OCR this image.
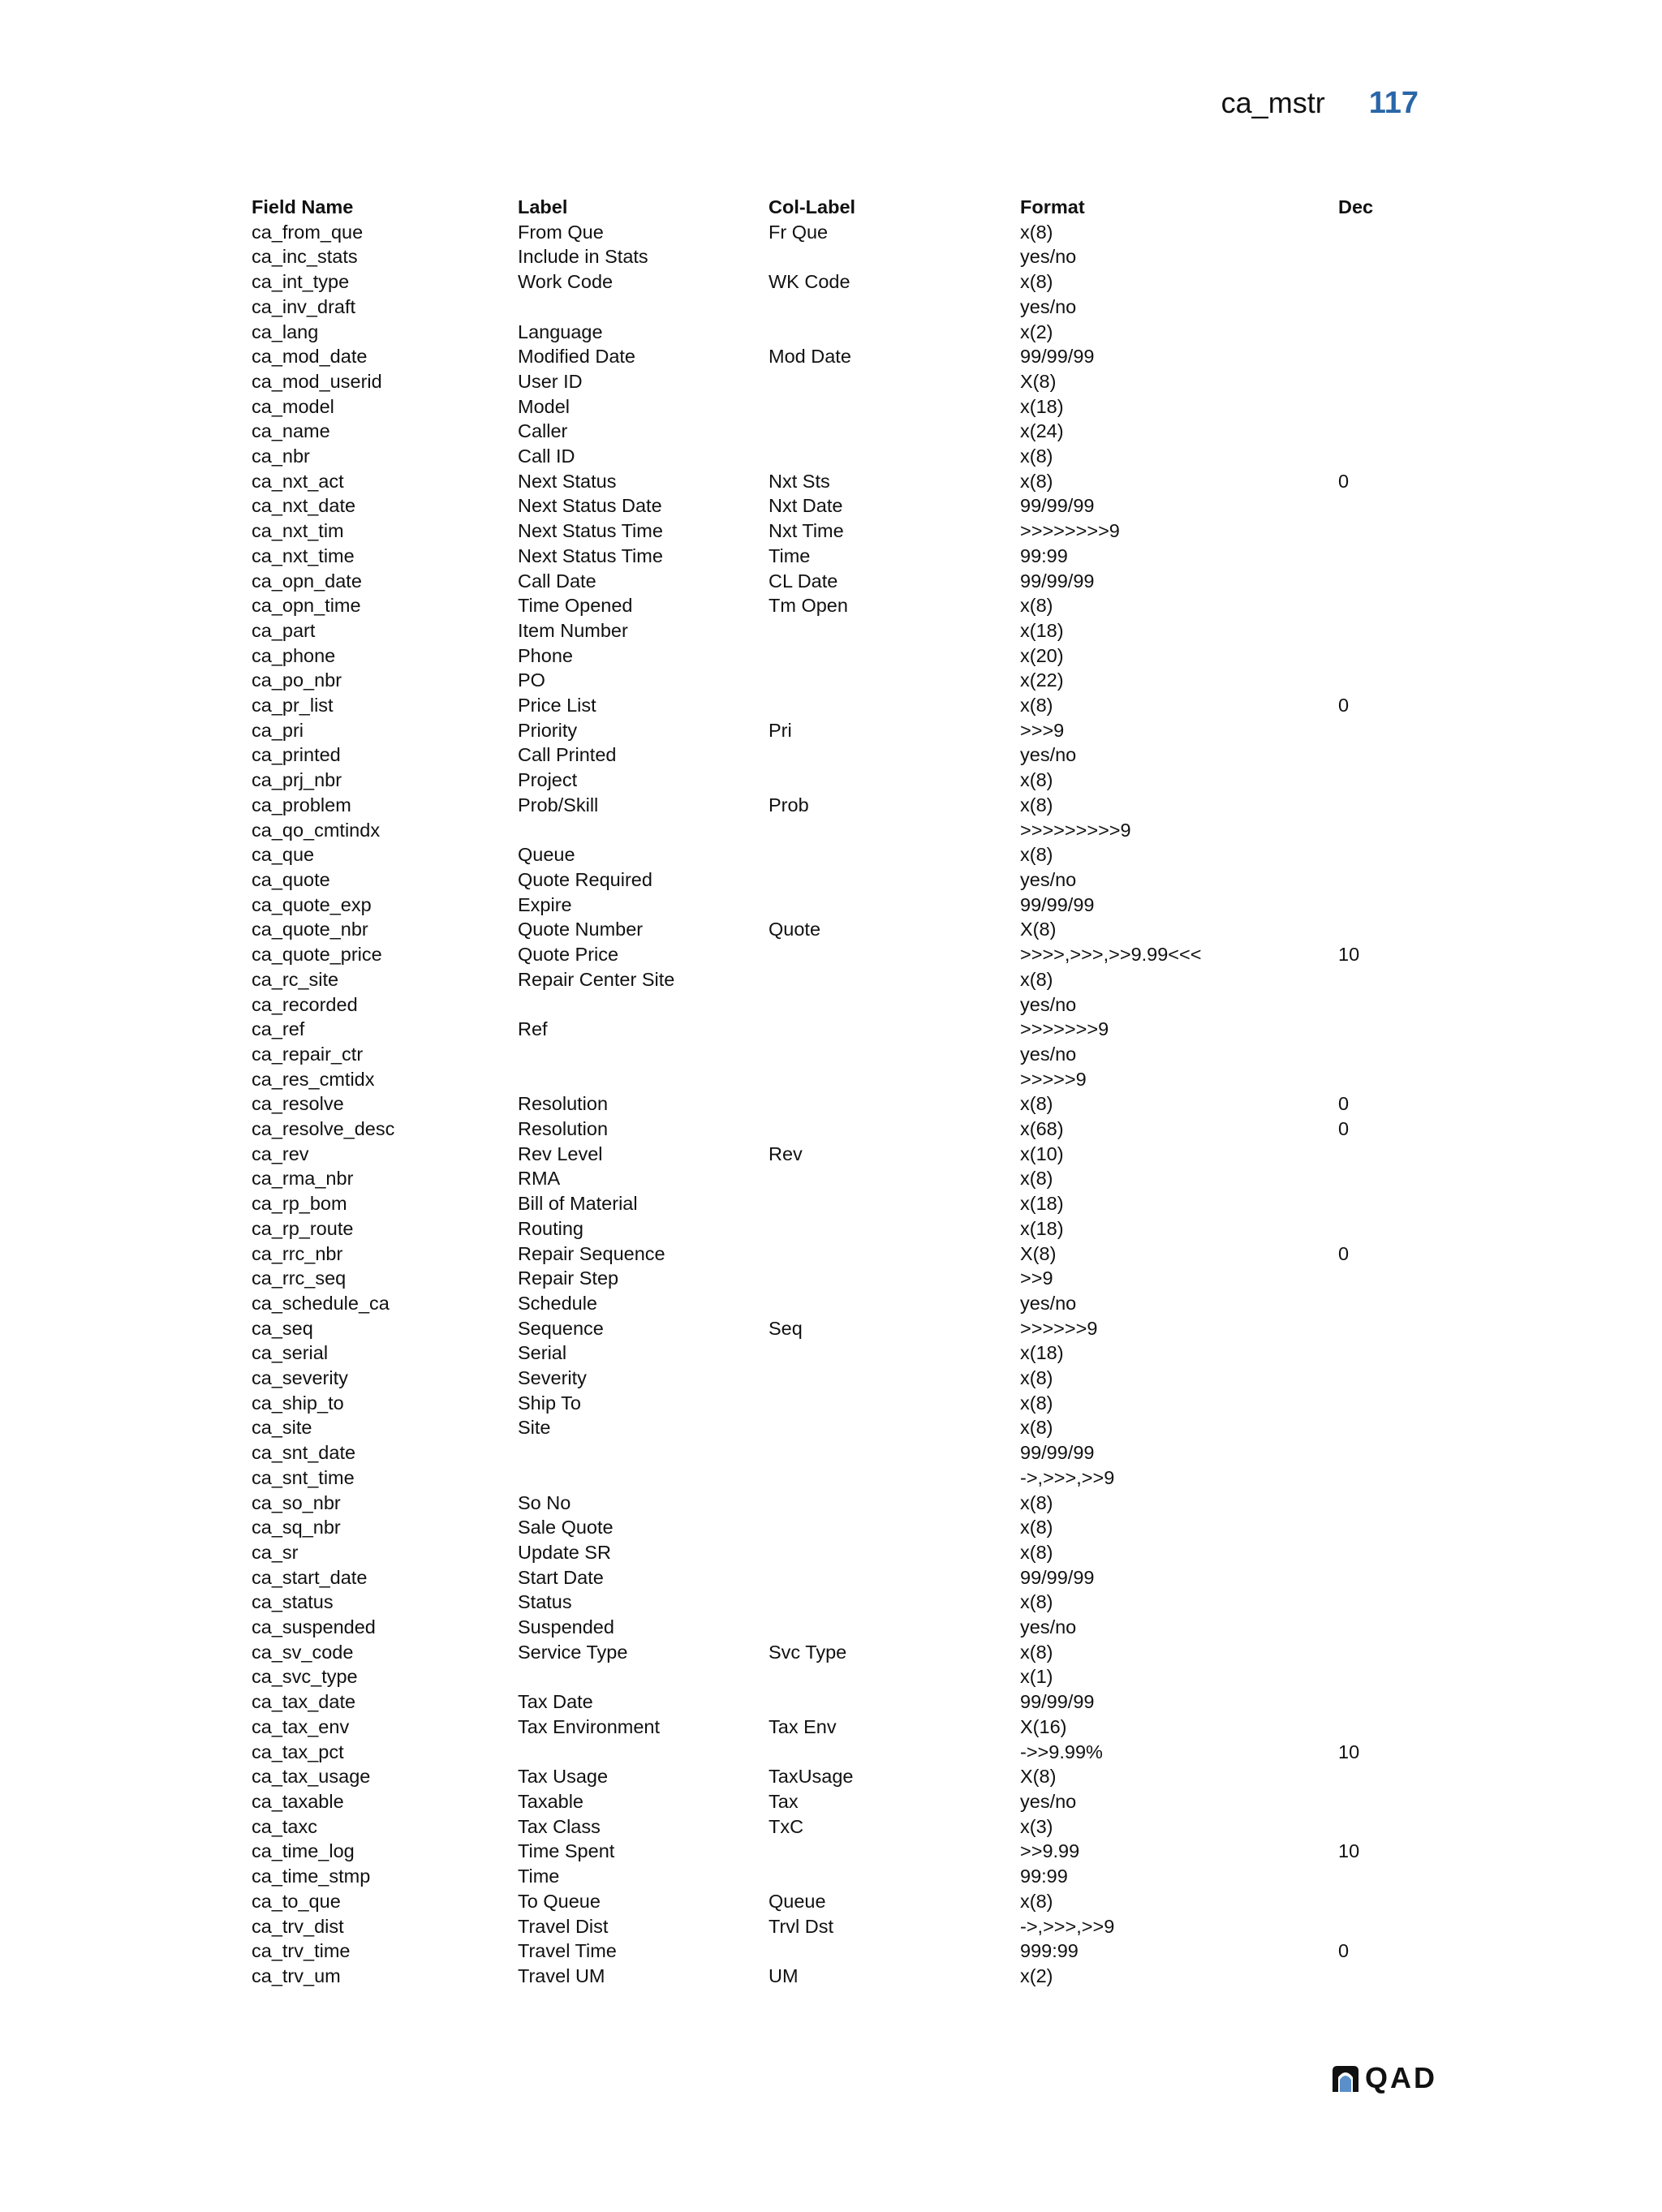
ca_mstr 117
Field Name	Label	Col-Label	Format	Dec
ca_from_que	From Que	Fr Que	x(8)	
ca_inc_stats	Include in Stats		yes/no	
ca_int_type	Work Code	WK Code	x(8)	
ca_inv_draft			yes/no	
ca_lang	Language		x(2)	
ca_mod_date	Modified Date	Mod Date	99/99/99	
ca_mod_userid	User ID		X(8)	
ca_model	Model		x(18)	
ca_name	Caller		x(24)	
ca_nbr	Call ID		x(8)	
ca_nxt_act	Next Status	Nxt Sts	x(8)	0
ca_nxt_date	Next Status Date	Nxt Date	99/99/99	
ca_nxt_tim	Next Status Time	Nxt Time	>>>>>>>>9	
ca_nxt_time	Next Status Time	Time	99:99	
ca_opn_date	Call Date	CL Date	99/99/99	
ca_opn_time	Time Opened	Tm Open	x(8)	
ca_part	Item Number		x(18)	
ca_phone	Phone		x(20)	
ca_po_nbr	PO		x(22)	
ca_pr_list	Price List		x(8)	0
ca_pri	Priority	Pri	>>>9	
ca_printed	Call Printed		yes/no	
ca_prj_nbr	Project		x(8)	
ca_problem	Prob/Skill	Prob	x(8)	
ca_qo_cmtindx			>>>>>>>>>9	
ca_que	Queue		x(8)	
ca_quote	Quote Required		yes/no	
ca_quote_exp	Expire		99/99/99	
ca_quote_nbr	Quote Number	Quote	X(8)	
ca_quote_price	Quote Price		>>>>,>>>,>>9.99<<<	10
ca_rc_site	Repair Center Site		x(8)	
ca_recorded			yes/no	
ca_ref	Ref		>>>>>>>9	
ca_repair_ctr			yes/no	
ca_res_cmtidx			>>>>>9	
ca_resolve	Resolution		x(8)	0
ca_resolve_desc	Resolution		x(68)	0
ca_rev	Rev Level	Rev	x(10)	
ca_rma_nbr	RMA		x(8)	
ca_rp_bom	Bill of Material		x(18)	
ca_rp_route	Routing		x(18)	
ca_rrc_nbr	Repair Sequence		X(8)	0
ca_rrc_seq	Repair Step		>>9	
ca_schedule_ca	Schedule		yes/no	
ca_seq	Sequence	Seq	>>>>>>9	
ca_serial	Serial		x(18)	
ca_severity	Severity		x(8)	
ca_ship_to	Ship To		x(8)	
ca_site	Site		x(8)	
ca_snt_date			99/99/99	
ca_snt_time			->,>>>,>>9	
ca_so_nbr	So No		x(8)	
ca_sq_nbr	Sale Quote		x(8)	
ca_sr	Update SR		x(8)	
ca_start_date	Start Date		99/99/99	
ca_status	Status		x(8)	
ca_suspended	Suspended		yes/no	
ca_sv_code	Service Type	Svc Type	x(8)	
ca_svc_type			x(1)	
ca_tax_date	Tax Date		99/99/99	
ca_tax_env	Tax Environment	Tax Env	X(16)	
ca_tax_pct			->>9.99%	10
ca_tax_usage	Tax Usage	TaxUsage	X(8)	
ca_taxable	Taxable	Tax	yes/no	
ca_taxc	Tax Class	TxC	x(3)	
ca_time_log	Time Spent		>>9.99	10
ca_time_stmp	Time		99:99	
ca_to_que	To Queue	Queue	x(8)	
ca_trv_dist	Travel Dist	Trvl Dst	->,>>>,>>9	
ca_trv_time	Travel Time		999:99	0
ca_trv_um	Travel UM	UM	x(2)	
QAD
